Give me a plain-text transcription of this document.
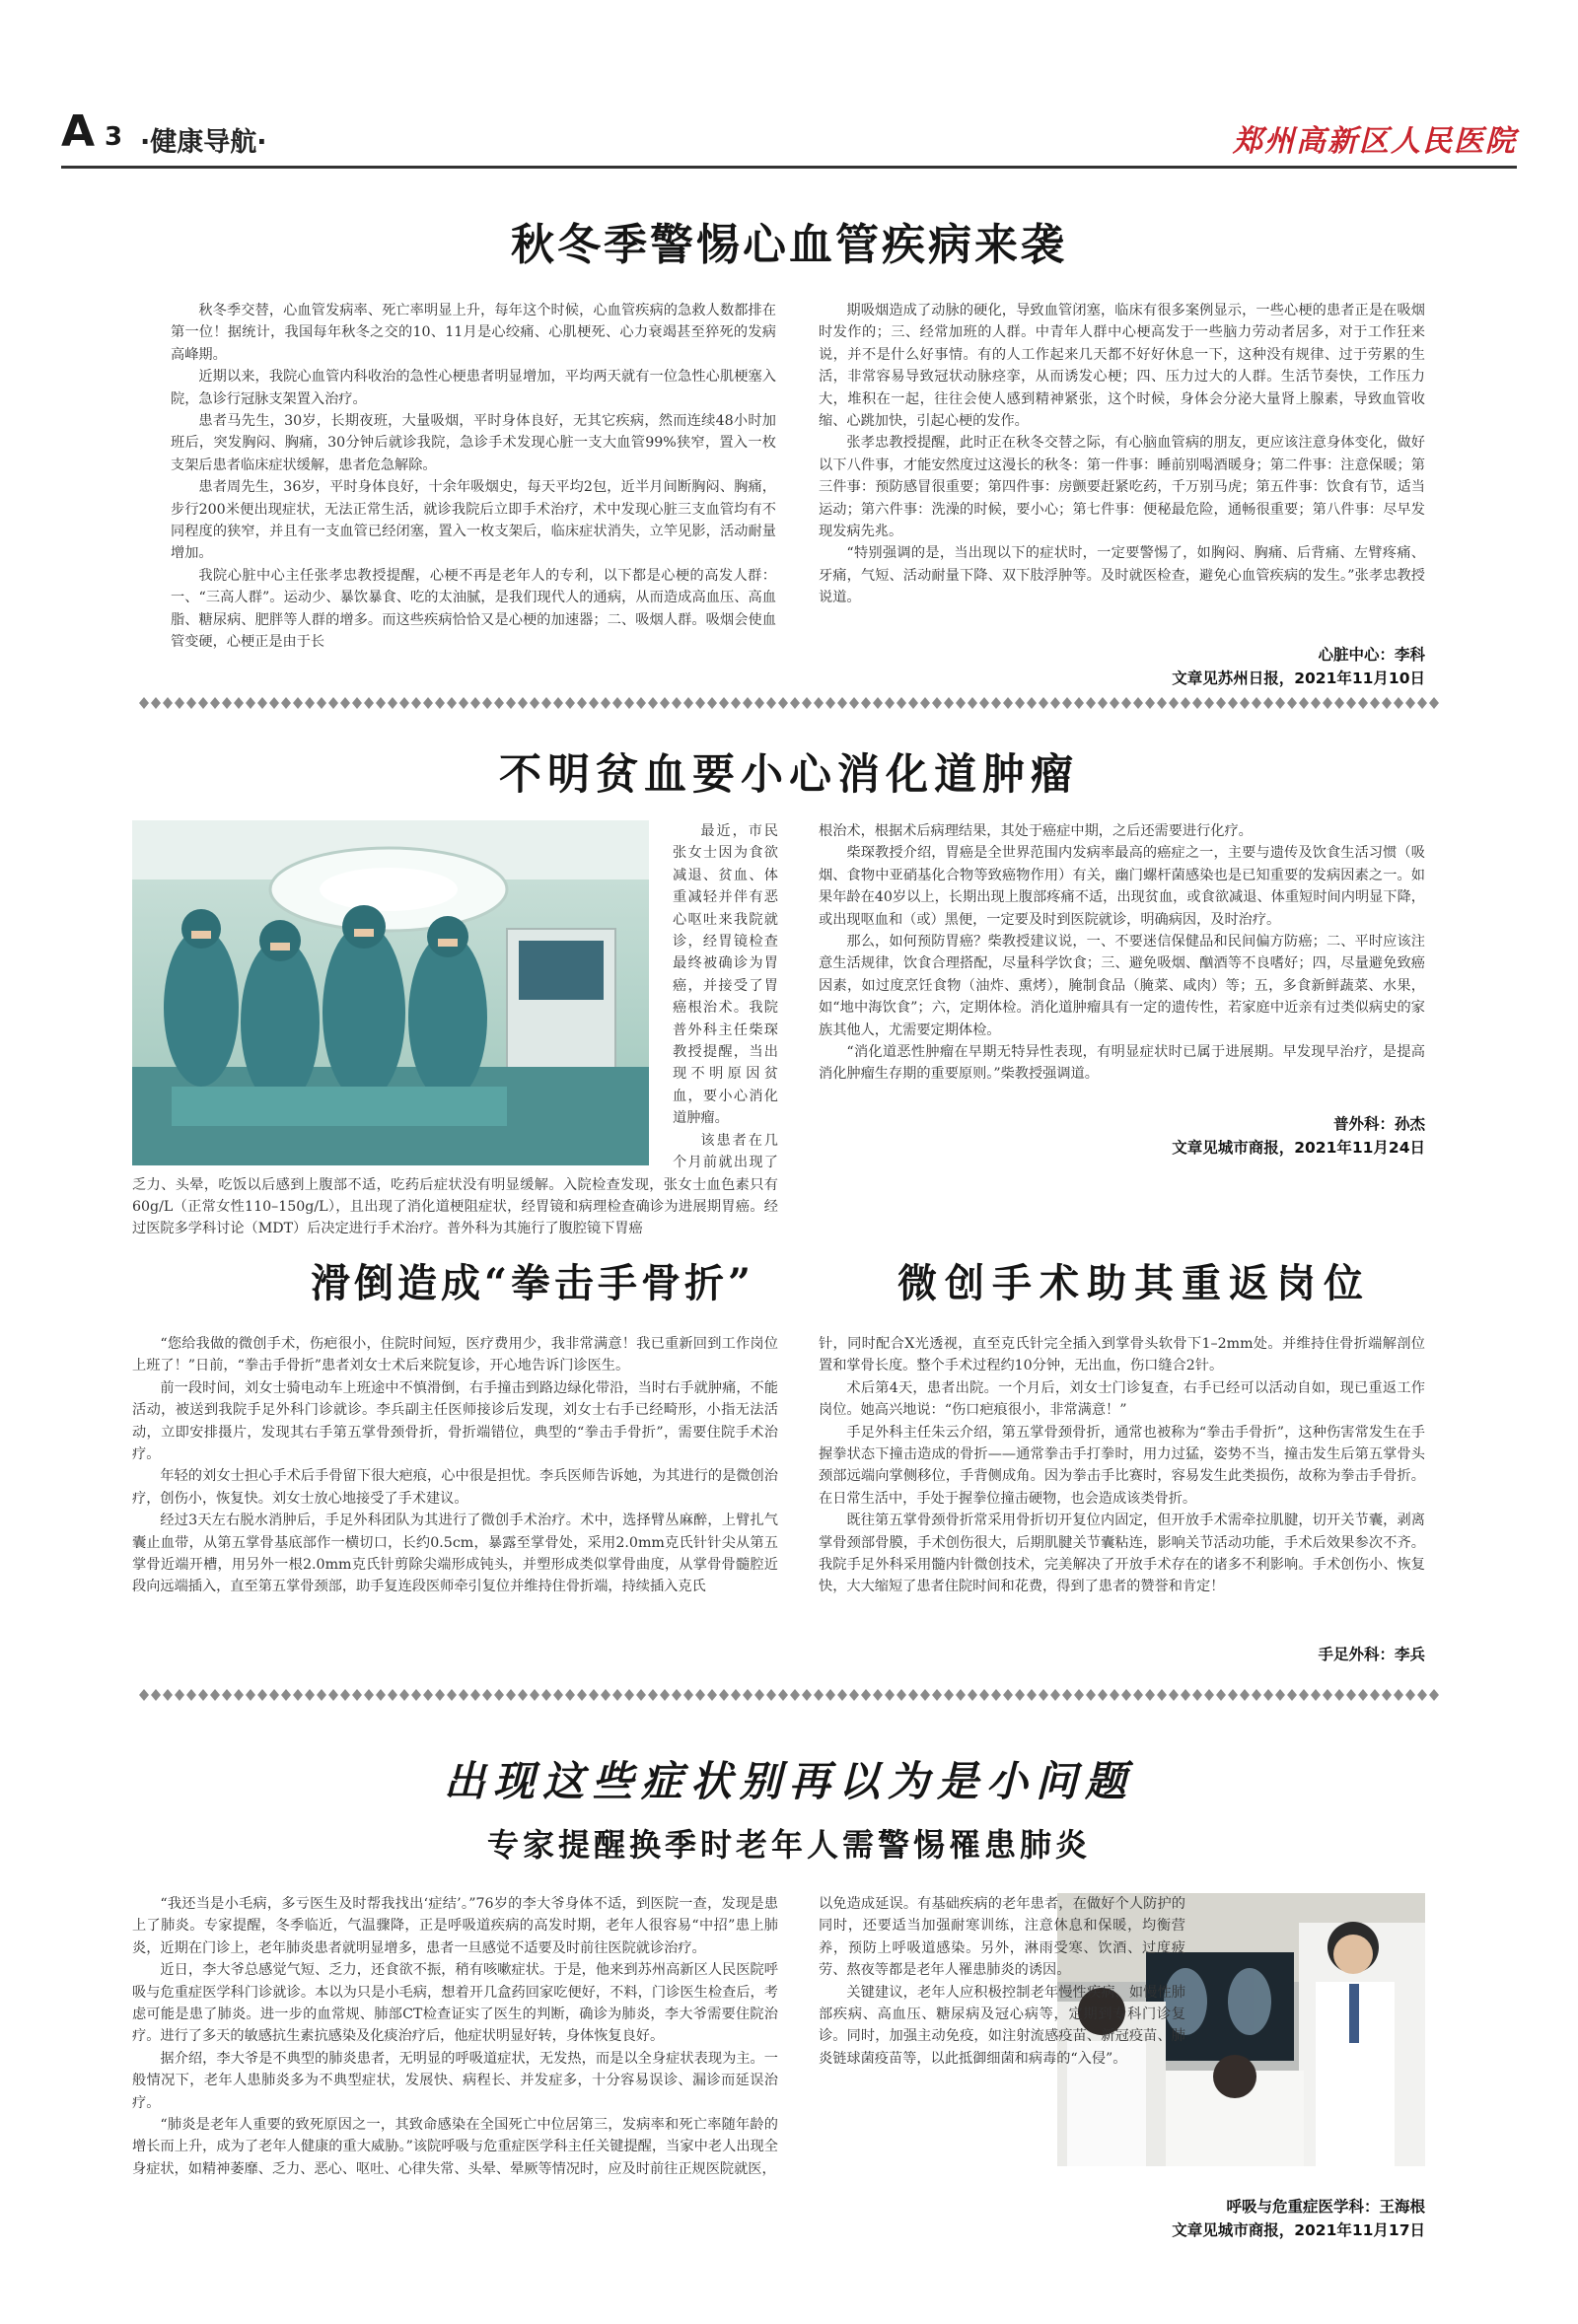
A 3 ·健康导航·	郑州高新区人民医院
秋冬季警惕心血管疾病来袭

秋冬季交替，心血管发病率、死亡率明显上升，每年这个时候，心血管疾病的急救人数都排在第一位！据统计，我国每年秋冬之交的10、11月是心绞痛、心肌梗死、心力衰竭甚至猝死的发病高峰期。

近期以来，我院心血管内科收治的急性心梗患者明显增加，平均两天就有一位急性心肌梗塞入院，急诊行冠脉支架置入治疗。

患者马先生，30岁，长期夜班，大量吸烟，平时身体良好，无其它疾病，然而连续48小时加班后，突发胸闷、胸痛，30分钟后就诊我院，急诊手术发现心脏一支大血管99%狭窄，置入一枚支架后患者临床症状缓解，患者危急解除。

患者周先生，36岁，平时身体良好，十余年吸烟史，每天平均2包，近半月间断胸闷、胸痛，步行200米便出现症状，无法正常生活，就诊我院后立即手术治疗，术中发现心脏三支血管均有不同程度的狭窄，并且有一支血管已经闭塞，置入一枚支架后，临床症状消失，立竿见影，活动耐量增加。

我院心脏中心主任张孝忠教授提醒，心梗不再是老年人的专利，以下都是心梗的高发人群：一、“三高人群”。运动少、暴饮暴食、吃的太油腻，是我们现代人的通病，从而造成高血压、高血脂、糖尿病、肥胖等人群的增多。而这些疾病恰恰又是心梗的加速器；二、吸烟人群。吸烟会使血管变硬，心梗正是由于长

期吸烟造成了动脉的硬化，导致血管闭塞，临床有很多案例显示，一些心梗的患者正是在吸烟时发作的；三、经常加班的人群。中青年人群中心梗高发于一些脑力劳动者居多，对于工作狂来说，并不是什么好事情。有的人工作起来几天都不好好休息一下，这种没有规律、过于劳累的生活，非常容易导致冠状动脉痉挛，从而诱发心梗；四、压力过大的人群。生活节奏快，工作压力大，堆积在一起，往往会使人感到精神紧张，这个时候，身体会分泌大量肾上腺素，导致血管收缩、心跳加快，引起心梗的发作。

张孝忠教授提醒，此时正在秋冬交替之际，有心脑血管病的朋友，更应该注意身体变化，做好以下八件事，才能安然度过这漫长的秋冬：第一件事：睡前别喝酒暖身；第二件事：注意保暖；第三件事：预防感冒很重要；第四件事：房颤要赶紧吃药，千万别马虎；第五件事：饮食有节，适当运动；第六件事：洗澡的时候，要小心；第七件事：便秘最危险，通畅很重要；第八件事：尽早发现发病先兆。

“特别强调的是，当出现以下的症状时，一定要警惕了，如胸闷、胸痛、后背痛、左臂疼痛、牙痛，气短、活动耐量下降、双下肢浮肿等。及时就医检查，避免心血管疾病的发生。”张孝忠教授说道。

心脏中心：李科
文章见苏州日报，2021年11月10日
不明贫血要小心消化道肿瘤

最近，市民张女士因为食欲减退、贫血、体重减轻并伴有恶心呕吐来我院就诊，经胃镜检查最终被确诊为胃癌，并接受了胃癌根治术。我院普外科主任柴琛教授提醒，当出现不明原因贫血，要小心消化道肿瘤。

该患者在几个月前就出现了乏力、头晕，吃饭以后感到上腹部不适，吃药后症状没有明显缓解。入院检查发现，张女士血色素只有60g/L（正常女性110–150g/L），且出现了消化道梗阻症状，经胃镜和病理检查确诊为进展期胃癌。经过医院多学科讨论（MDT）后决定进行手术治疗。普外科为其施行了腹腔镜下胃癌

根治术，根据术后病理结果，其处于癌症中期，之后还需要进行化疗。

柴琛教授介绍，胃癌是全世界范围内发病率最高的癌症之一，主要与遗传及饮食生活习惯（吸烟、食物中亚硝基化合物等致癌物作用）有关，幽门螺杆菌感染也是已知重要的发病因素之一。如果年龄在40岁以上，长期出现上腹部疼痛不适，出现贫血，或食欲减退、体重短时间内明显下降，或出现呕血和（或）黑便，一定要及时到医院就诊，明确病因，及时治疗。

那么，如何预防胃癌？柴教授建议说，一、不要迷信保健品和民间偏方防癌；二、平时应该注意生活规律，饮食合理搭配，尽量科学饮食；三、避免吸烟、酗酒等不良嗜好；四，尽量避免致癌因素，如过度烹饪食物（油炸、熏烤），腌制食品（腌菜、咸肉）等；五，多食新鲜蔬菜、水果，如“地中海饮食”；六，定期体检。消化道肿瘤具有一定的遗传性，若家庭中近亲有过类似病史的家族其他人，尤需要定期体检。

“消化道恶性肿瘤在早期无特异性表现，有明显症状时已属于进展期。早发现早治疗，是提高消化肿瘤生存期的重要原则。”柴教授强调道。

普外科：孙杰
文章见城市商报，2021年11月24日
滑倒造成“拳击手骨折”	微创手术助其重返岗位

“您给我做的微创手术，伤疤很小，住院时间短，医疗费用少，我非常满意！我已重新回到工作岗位上班了！”日前，“拳击手骨折”患者刘女士术后来院复诊，开心地告诉门诊医生。

前一段时间，刘女士骑电动车上班途中不慎滑倒，右手撞击到路边绿化带沿，当时右手就肿痛，不能活动，被送到我院手足外科门诊就诊。李兵副主任医师接诊后发现，刘女士右手已经畸形，小指无法活动，立即安排摄片，发现其右手第五掌骨颈骨折，骨折端错位，典型的“拳击手骨折”，需要住院手术治疗。

年轻的刘女士担心手术后手骨留下很大疤痕，心中很是担忧。李兵医师告诉她，为其进行的是微创治疗，创伤小，恢复快。刘女士放心地接受了手术建议。

经过3天左右脱水消肿后，手足外科团队为其进行了微创手术治疗。术中，选择臂丛麻醉，上臂扎气囊止血带，从第五掌骨基底部作一横切口，长约0.5cm，暴露至掌骨处，采用2.0mm克氏针针尖从第五掌骨近端开槽，用另外一根2.0mm克氏针剪除尖端形成钝头，并塑形成类似掌骨曲度，从掌骨骨髓腔近段向远端插入，直至第五掌骨颈部，助手复连段医师牵引复位并维持住骨折端，持续插入克氏

针，同时配合X光透视，直至克氏针完全插入到掌骨头软骨下1–2mm处。并维持住骨折端解剖位置和掌骨长度。整个手术过程约10分钟，无出血，伤口缝合2针。

术后第4天，患者出院。一个月后，刘女士门诊复查，右手已经可以活动自如，现已重返工作岗位。她高兴地说：“伤口疤痕很小，非常满意！”

手足外科主任朱云介绍，第五掌骨颈骨折，通常也被称为“拳击手骨折”，这种伤害常发生在手握拳状态下撞击造成的骨折——通常拳击手打拳时，用力过猛，姿势不当，撞击发生后第五掌骨头颈部远端向掌侧移位，手背侧成角。因为拳击手比赛时，容易发生此类损伤，故称为拳击手骨折。在日常生活中，手处于握拳位撞击硬物，也会造成该类骨折。

既往第五掌骨颈骨折常采用骨折切开复位内固定，但开放手术需牵拉肌腱，切开关节囊，剥离掌骨颈部骨膜，手术创伤很大，后期肌腱关节囊粘连，影响关节活动功能，手术后效果参次不齐。我院手足外科采用髓内针微创技术，完美解决了开放手术存在的诸多不利影响。手术创伤小、恢复快，大大缩短了患者住院时间和花费，得到了患者的赞誉和肯定！

手足外科：李兵
出现这些症状别再以为是小问题
专家提醒换季时老年人需警惕罹患肺炎

“我还当是小毛病，多亏医生及时帮我找出‘症结’。”76岁的李大爷身体不适，到医院一查，发现是患上了肺炎。专家提醒，冬季临近，气温骤降，正是呼吸道疾病的高发时期，老年人很容易“中招”患上肺炎，近期在门诊上，老年肺炎患者就明显增多，患者一旦感觉不适要及时前往医院就诊治疗。

近日，李大爷总感觉气短、乏力，还食欲不振，稍有咳嗽症状。于是，他来到苏州高新区人民医院呼吸与危重症医学科门诊就诊。本以为只是小毛病，想着开几盒药回家吃便好，不料，门诊医生检查后，考虑可能是患了肺炎。进一步的血常规、肺部CT检查证实了医生的判断，确诊为肺炎，李大爷需要住院治疗。进行了多天的敏感抗生素抗感染及化痰治疗后，他症状明显好转，身体恢复良好。

据介绍，李大爷是不典型的肺炎患者，无明显的呼吸道症状，无发热，而是以全身症状表现为主。一般情况下，老年人患肺炎多为不典型症状，发展快、病程长、并发症多，十分容易误诊、漏诊而延误治疗。

“肺炎是老年人重要的致死原因之一，其致命感染在全国死亡中位居第三，发病率和死亡率随年龄的增长而上升，成为了老年人健康的重大威胁。”该院呼吸与危重症医学科主任关键提醒，当家中老人出现全身症状，如精神萎靡、乏力、恶心、呕吐、心律失常、头晕、晕厥等情况时，应及时前往正规医院就医，

以免造成延误。有基础疾病的老年患者，在做好个人防护的同时，还要适当加强耐寒训练，注意休息和保暖，均衡营养，预防上呼吸道感染。另外，淋雨受寒、饮酒、过度疲劳、熬夜等都是老年人罹患肺炎的诱因。

关键建议，老年人应积极控制老年慢性疾病，如慢性肺部疾病、高血压、糖尿病及冠心病等，定期到专科门诊复诊。同时，加强主动免疫，如注射流感疫苗、新冠疫苗、肺炎链球菌疫苗等，以此抵御细菌和病毒的“入侵”。

呼吸与危重症医学科：王海根
文章见城市商报，2021年11月17日
